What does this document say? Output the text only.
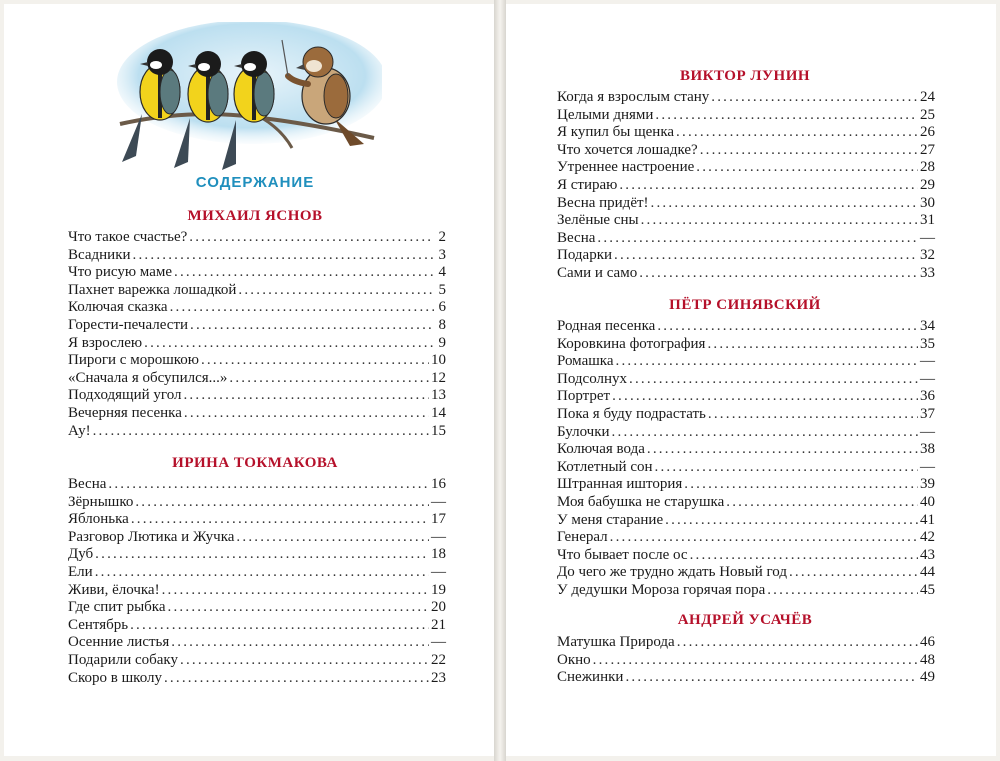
СОДЕРЖАНИЕ
МИХАИЛ ЯСНОВ
Что такое счастье? .....	2
Всадники .....	3
Что рисую маме .....	4
Пахнет варежка лошадкой .....	5
Колючая сказка .....	6
Горести-печалести .....	8
Я взрослею .....	9
Пироги с морошкою .....	10
«Сначала я обсупился...» .....	12
Подходящий угол .....	13
Вечерняя песенка .....	14
Ау! .....	15
ИРИНА ТОКМАКОВА
Весна .....	16
Зёрнышко .....	—
Яблонька .....	17
Разговор Лютика и Жучка .....	—
Дуб .....	18
Ели .....	—
Живи, ёлочка! .....	19
Где спит рыбка .....	20
Сентябрь .....	21
Осенние листья .....	—
Подарили собаку .....	22
Скоро в школу .....	23
ВИКТОР ЛУНИН
Когда я взрослым стану .....	24
Целыми днями .....	25
Я купил бы щенка .....	26
Что хочется лошадке? .....	27
Утреннее настроение .....	28
Я стираю .....	29
Весна придёт! .....	30
Зелёные сны .....	31
Весна .....	—
Подарки .....	32
Сами и само .....	33
ПЁТР СИНЯВСКИЙ
Родная песенка .....	34
Коровкина фотография .....	35
Ромашка .....	—
Подсолнух .....	—
Портрет .....	36
Пока я буду подрастать .....	37
Булочки .....	—
Колючая вода .....	38
Котлетный сон .....	—
Штранная иштория .....	39
Моя бабушка не старушка .....	40
У меня старание .....	41
Генерал .....	42
Что бывает после ос .....	43
До чего же трудно ждать Новый год .....	44
У дедушки Мороза горячая пора .....	45
АНДРЕЙ УСАЧЁВ
Матушка Природа .....	46
Окно .....	48
Снежинки .....	49
